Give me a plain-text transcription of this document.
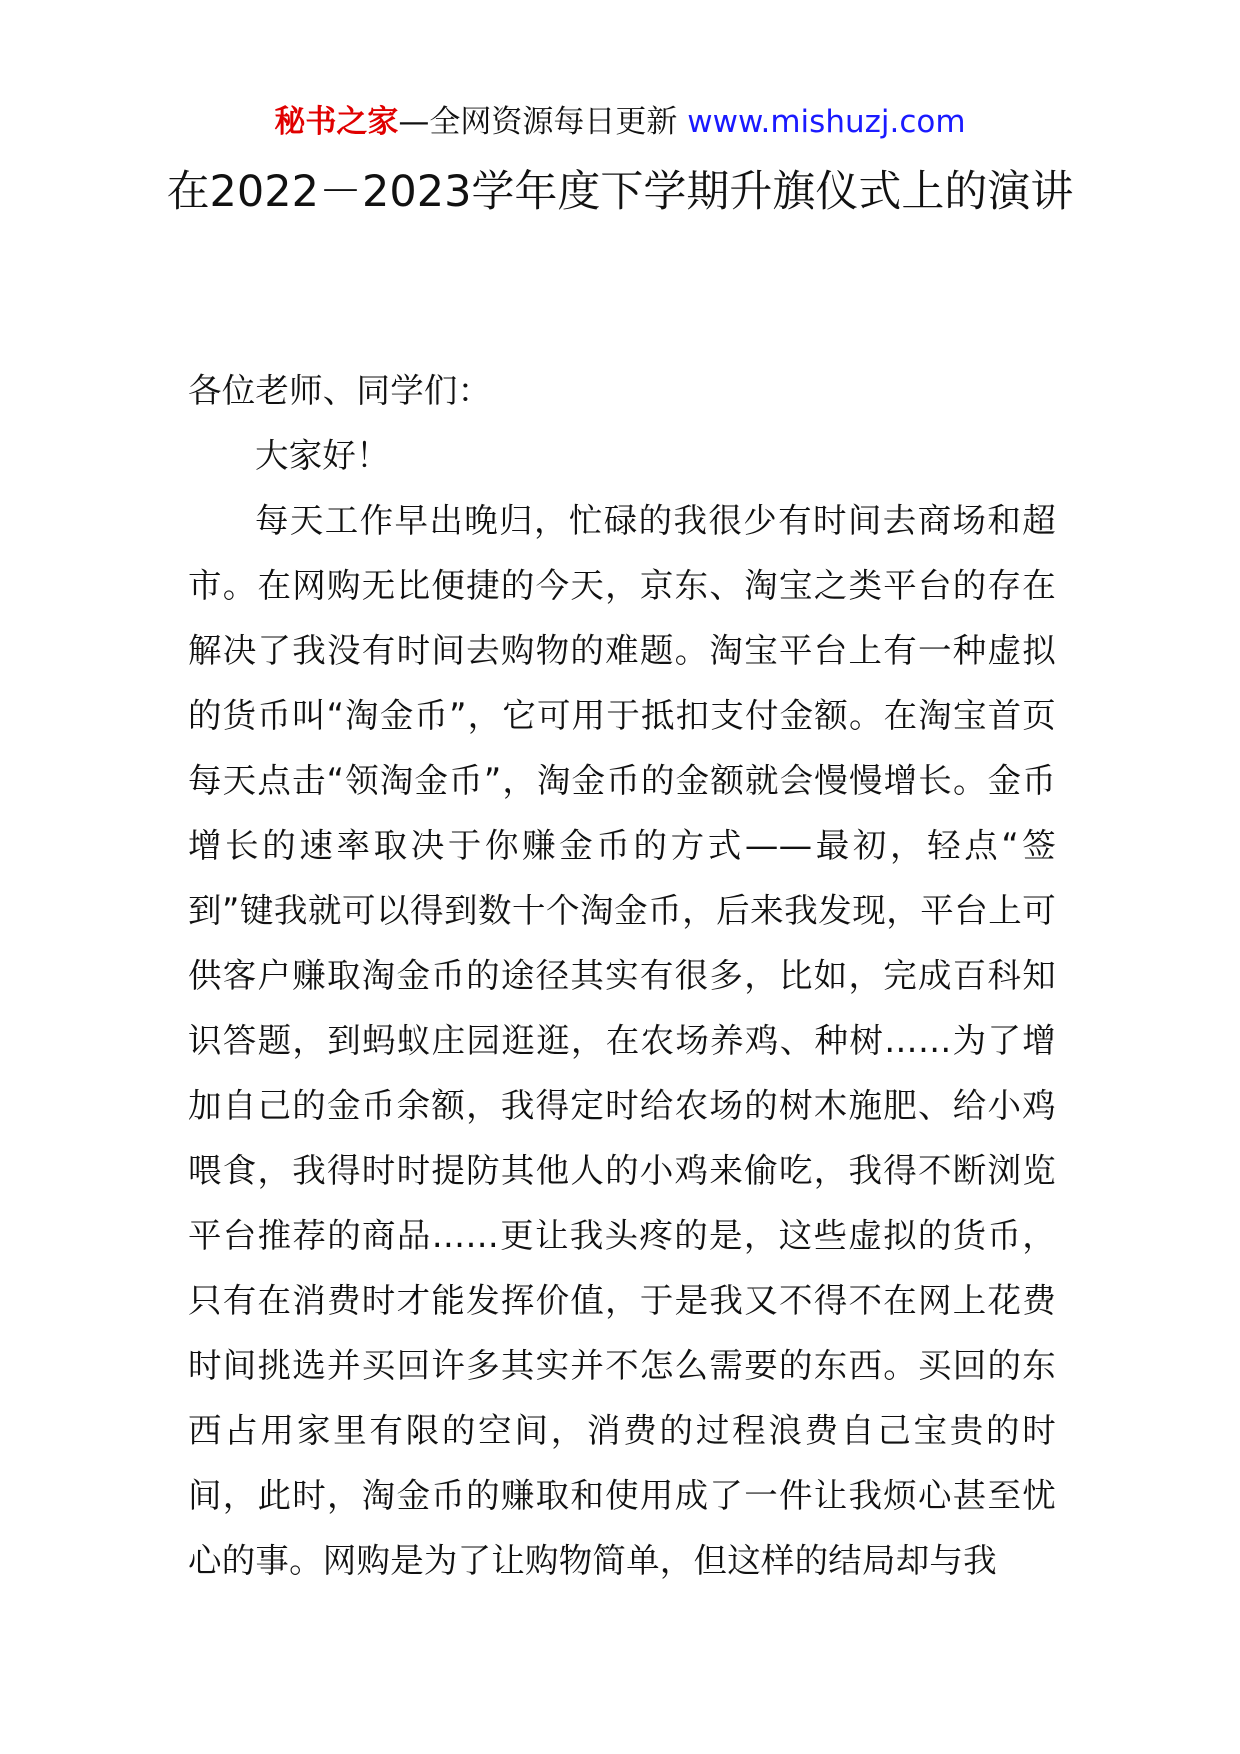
秘书之家—全网资源每日更新 www.mishuzj.com
在2022－2023学年度下学期升旗仪式上的演讲

各位老师、同学们：

大家好！

每天工作早出晚归，忙碌的我很少有时间去商场和超市。在网购无比便捷的今天，京东、淘宝之类平台的存在解决了我没有时间去购物的难题。淘宝平台上有一种虚拟的货币叫“淘金币”，它可用于抵扣支付金额。在淘宝首页每天点击“领淘金币”，淘金币的金额就会慢慢增长。金币增长的速率取决于你赚金币的方式——最初，轻点“签到”键我就可以得到数十个淘金币，后来我发现，平台上可供客户赚取淘金币的途径其实有很多，比如，完成百科知识答题，到蚂蚁庄园逛逛，在农场养鸡、种树……为了增加自己的金币余额，我得定时给农场的树木施肥、给小鸡喂食，我得时时提防其他人的小鸡来偷吃，我得不断浏览平台推荐的商品……更让我头疼的是，这些虚拟的货币，只有在消费时才能发挥价值，于是我又不得不在网上花费时间挑选并买回许多其实并不怎么需要的东西。买回的东西占用家里有限的空间，消费的过程浪费自己宝贵的时间，此时，淘金币的赚取和使用成了一件让我烦心甚至忧心的事。网购是为了让购物简单，但这样的结局却与我
